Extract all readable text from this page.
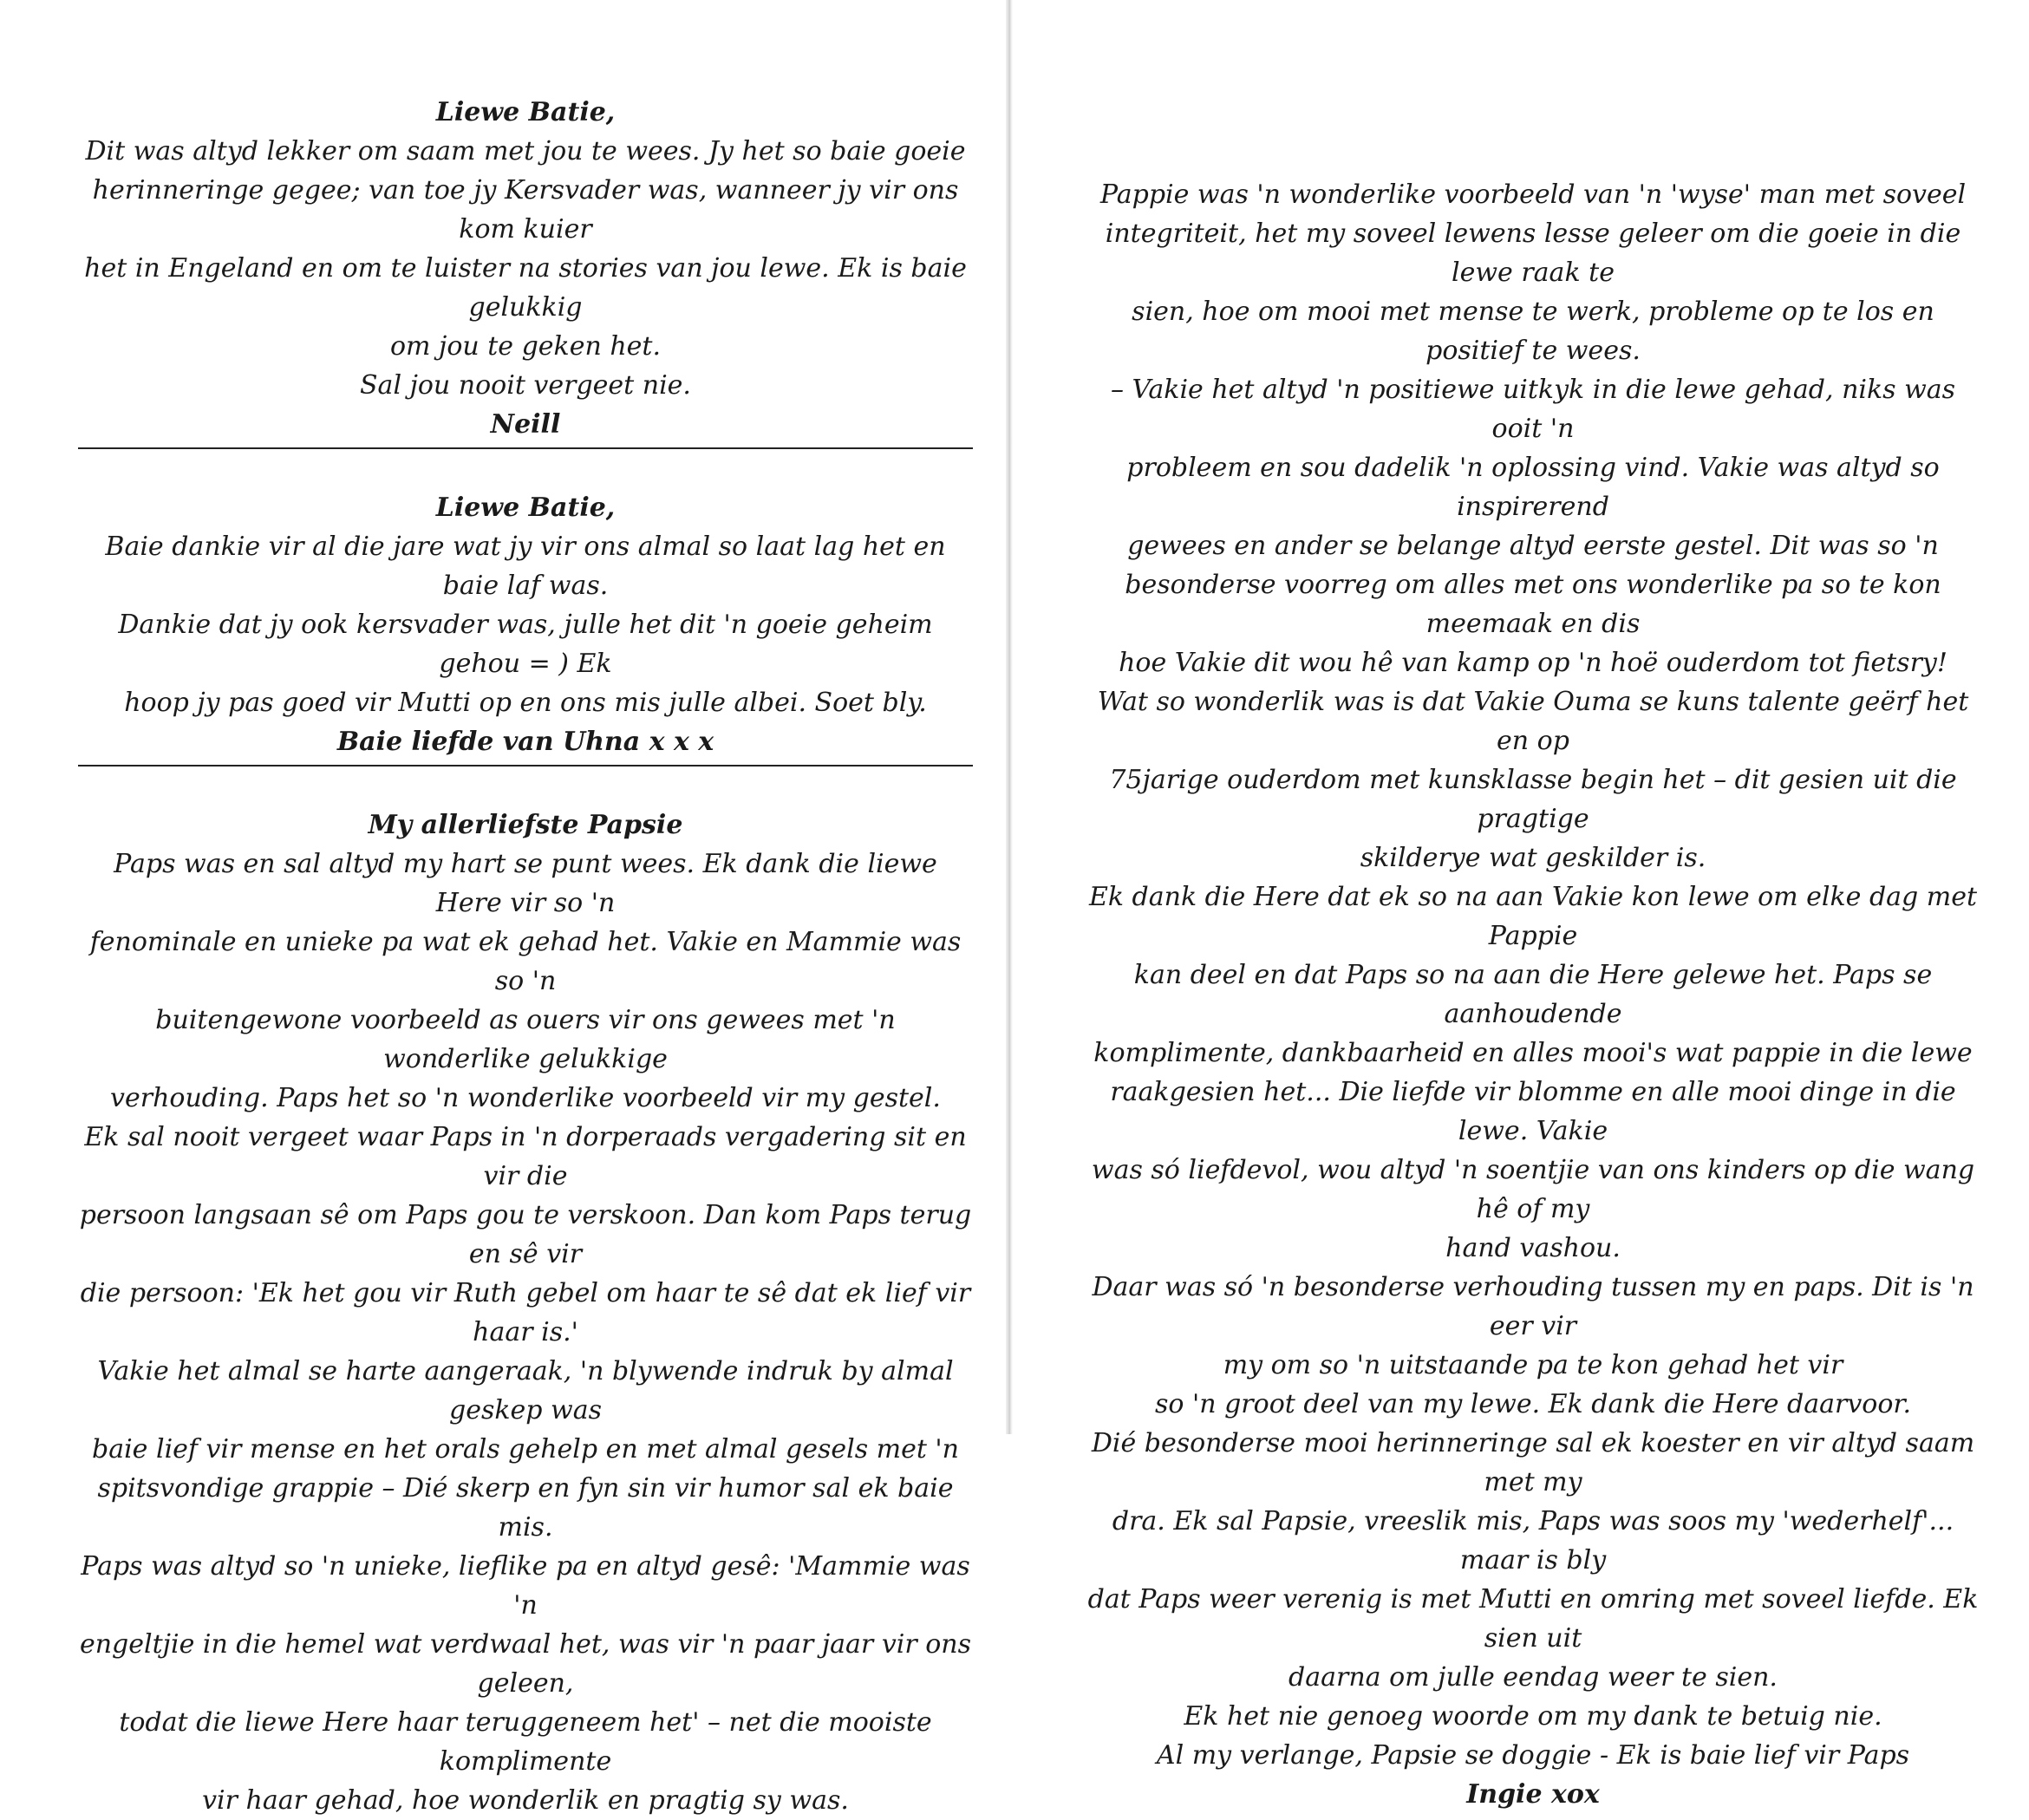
Liewe Batie,

Dit was altyd lekker om saam met jou te wees. Jy het so baie goeie

herinneringe gegee; van toe jy Kersvader was, wanneer jy vir ons kom kuier

het in Engeland en om te luister na stories van jou lewe. Ek is baie gelukkig

om jou te geken het.

Sal jou nooit vergeet nie.

Neill

Liewe Batie,

Baie dankie vir al die jare wat jy vir ons almal so laat lag het en baie laf was.

Dankie dat jy ook kersvader was, julle het dit 'n goeie geheim gehou = ) Ek

hoop jy pas goed vir Mutti op en ons mis julle albei. Soet bly.

Baie liefde van Uhna x x x

My allerliefste Papsie

Paps was en sal altyd my hart se punt wees. Ek dank die liewe Here vir so 'n

fenominale en unieke pa wat ek gehad het. Vakie en Mammie was so 'n

buitengewone voorbeeld as ouers vir ons gewees met 'n wonderlike gelukkige

verhouding. Paps het so 'n wonderlike voorbeeld vir my gestel.

Ek sal nooit vergeet waar Paps in 'n dorperaads vergadering sit en vir die

persoon langsaan sê om Paps gou te verskoon. Dan kom Paps terug en sê vir

die persoon: 'Ek het gou vir Ruth gebel om haar te sê dat ek lief vir haar is.'

Vakie het almal se harte aangeraak, 'n blywende indruk by almal geskep was

baie lief vir mense en het orals gehelp en met almal gesels met 'n

spitsvondige grappie – Dié skerp en fyn sin vir humor sal ek baie mis.

Paps was altyd so 'n unieke, lieflike pa en altyd gesê: 'Mammie was 'n

engeltjie in die hemel wat verdwaal het, was vir 'n paar jaar vir ons geleen,

todat die liewe Here haar teruggeneem het' – net die mooiste komplimente

vir haar gehad, hoe wonderlik en pragtig sy was.

Pappie was 'n wonderlike voorbeeld van 'n 'wyse' man met soveel

integriteit, het my soveel lewens lesse geleer om die goeie in die lewe raak te

sien, hoe om mooi met mense te werk, probleme op te los en positief te wees.

– Vakie het altyd 'n positiewe uitkyk in die lewe gehad, niks was ooit 'n

probleem en sou dadelik 'n oplossing vind. Vakie was altyd so inspirerend

gewees en ander se belange altyd eerste gestel. Dit was so 'n

besonderse voorreg om alles met ons wonderlike pa so te kon meemaak en dis

hoe Vakie dit wou hê van kamp op 'n hoë ouderdom tot fietsry!

Wat so wonderlik was is dat Vakie Ouma se kuns talente geërf het en op

75jarige ouderdom met kunsklasse begin het – dit gesien uit die pragtige

skilderye wat geskilder is.

Ek dank die Here dat ek so na aan Vakie kon lewe om elke dag met Pappie

kan deel en dat Paps so na aan die Here gelewe het. Paps se aanhoudende

komplimente, dankbaarheid en alles mooi's wat pappie in die lewe

raakgesien het... Die liefde vir blomme en alle mooi dinge in die lewe. Vakie

was só liefdevol, wou altyd 'n soentjie van ons kinders op die wang hê of my

hand vashou.

Daar was só 'n besonderse verhouding tussen my en paps. Dit is 'n eer vir

my om so 'n uitstaande pa te kon gehad het vir

so 'n groot deel van my lewe. Ek dank die Here daarvoor.

Dié besonderse mooi herinneringe sal ek koester en vir altyd saam met my

dra. Ek sal Papsie, vreeslik mis, Paps was soos my 'wederhelf'... maar is bly

dat Paps weer verenig is met Mutti en omring met soveel liefde. Ek sien uit

daarna om julle eendag weer te sien.

Ek het nie genoeg woorde om my dank te betuig nie.

Al my verlange, Papsie se doggie - Ek is baie lief vir Paps

Ingie xox
